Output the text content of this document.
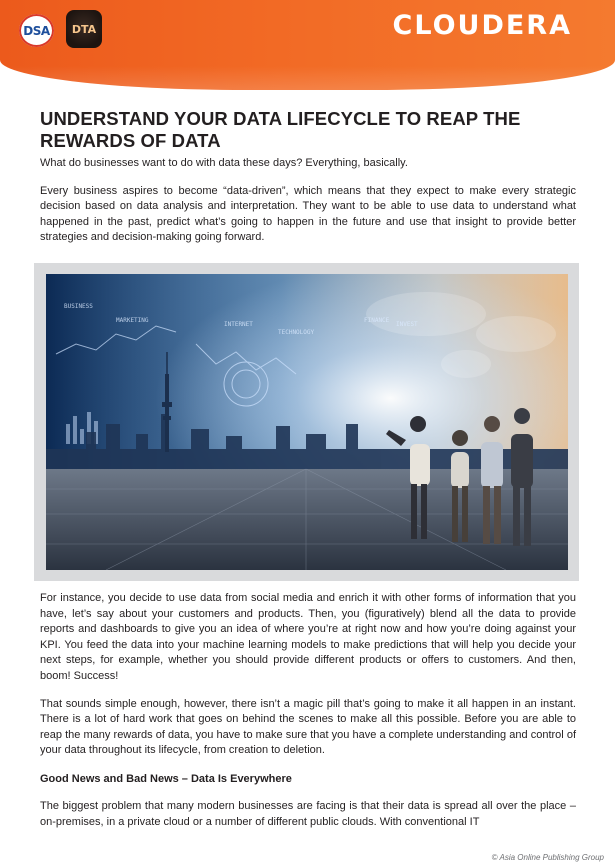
DSA DTA	CLOUDERA
UNDERSTAND YOUR DATA LIFECYCLE TO REAP THE REWARDS OF DATA

What do businesses want to do with data these days? Everything, basically.

Every business aspires to become “data-driven”, which means that they expect to make every strategic decision based on data analysis and interpretation. They want to be able to use data to understand what happened in the past, predict what’s going to happen in the future and use that insight to provide better strategies and decision-making going forward.

BUSINESS
MARKETING
INTERNET
TECHNOLOGY
FINANCE
INVEST

For instance, you decide to use data from social media and enrich it with other forms of information that you have, let’s say about your customers and products. Then, you (figuratively) blend all the data to provide reports and dashboards to give you an idea of where you’re at right now and how you’re doing against your KPI. You feed the data into your machine learning models to make predictions that will help you decide your next steps, for example, whether you should provide different products or offers to customers. And then, boom! Success!

That sounds simple enough, however, there isn’t a magic pill that’s going to make it all happen in an instant. There is a lot of hard work that goes on behind the scenes to make all this possible. Before you are able to reap the many rewards of data, you have to make sure that you have a complete understanding and control of your data throughout its lifecycle, from creation to deletion.

Good News and Bad News – Data Is Everywhere

The biggest problem that many modern businesses are facing is that their data is spread all over the place – on-premises, in a private cloud or a number of different public clouds. With conventional IT

© Asia Online Publishing Group
